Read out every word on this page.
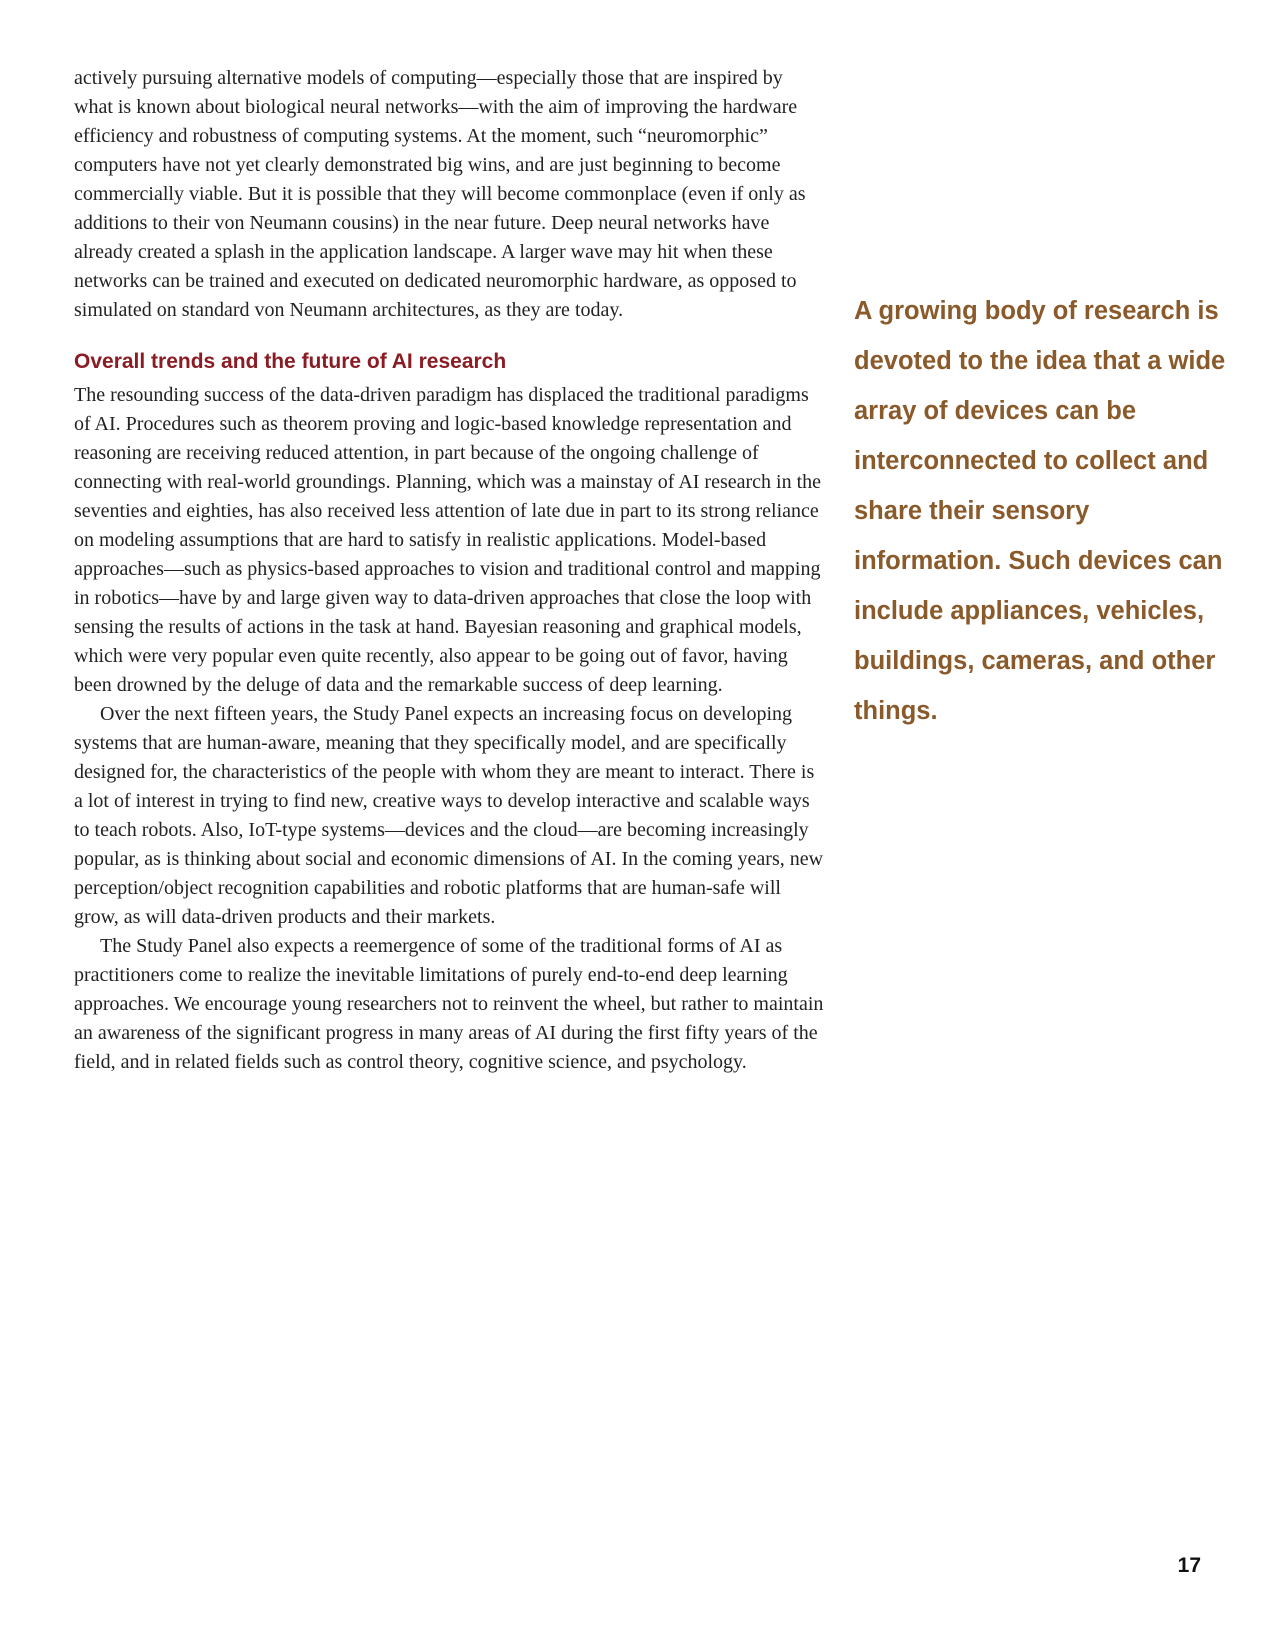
actively pursuing alternative models of computing—especially those that are inspired by what is known about biological neural networks—with the aim of improving the hardware efficiency and robustness of computing systems. At the moment, such “neuromorphic” computers have not yet clearly demonstrated big wins, and are just beginning to become commercially viable. But it is possible that they will become commonplace (even if only as additions to their von Neumann cousins) in the near future. Deep neural networks have already created a splash in the application landscape. A larger wave may hit when these networks can be trained and executed on dedicated neuromorphic hardware, as opposed to simulated on standard von Neumann architectures, as they are today.

Overall trends and the future of AI research

The resounding success of the data-driven paradigm has displaced the traditional paradigms of AI. Procedures such as theorem proving and logic-based knowledge representation and reasoning are receiving reduced attention, in part because of the ongoing challenge of connecting with real-world groundings. Planning, which was a mainstay of AI research in the seventies and eighties, has also received less attention of late due in part to its strong reliance on modeling assumptions that are hard to satisfy in realistic applications. Model-based approaches—such as physics-based approaches to vision and traditional control and mapping in robotics—have by and large given way to data-driven approaches that close the loop with sensing the results of actions in the task at hand. Bayesian reasoning and graphical models, which were very popular even quite recently, also appear to be going out of favor, having been drowned by the deluge of data and the remarkable success of deep learning.

Over the next fifteen years, the Study Panel expects an increasing focus on developing systems that are human-aware, meaning that they specifically model, and are specifically designed for, the characteristics of the people with whom they are meant to interact. There is a lot of interest in trying to find new, creative ways to develop interactive and scalable ways to teach robots. Also, IoT-type systems—devices and the cloud—are becoming increasingly popular, as is thinking about social and economic dimensions of AI. In the coming years, new perception/object recognition capabilities and robotic platforms that are human-safe will grow, as will data-driven products and their markets.

The Study Panel also expects a reemergence of some of the traditional forms of AI as practitioners come to realize the inevitable limitations of purely end-to-end deep learning approaches. We encourage young researchers not to reinvent the wheel, but rather to maintain an awareness of the significant progress in many areas of AI during the first fifty years of the field, and in related fields such as control theory, cognitive science, and psychology.

A growing body of research is devoted to the idea that a wide array of devices can be interconnected to collect and share their sensory information. Such devices can include appliances, vehicles, buildings, cameras, and other things.

17
